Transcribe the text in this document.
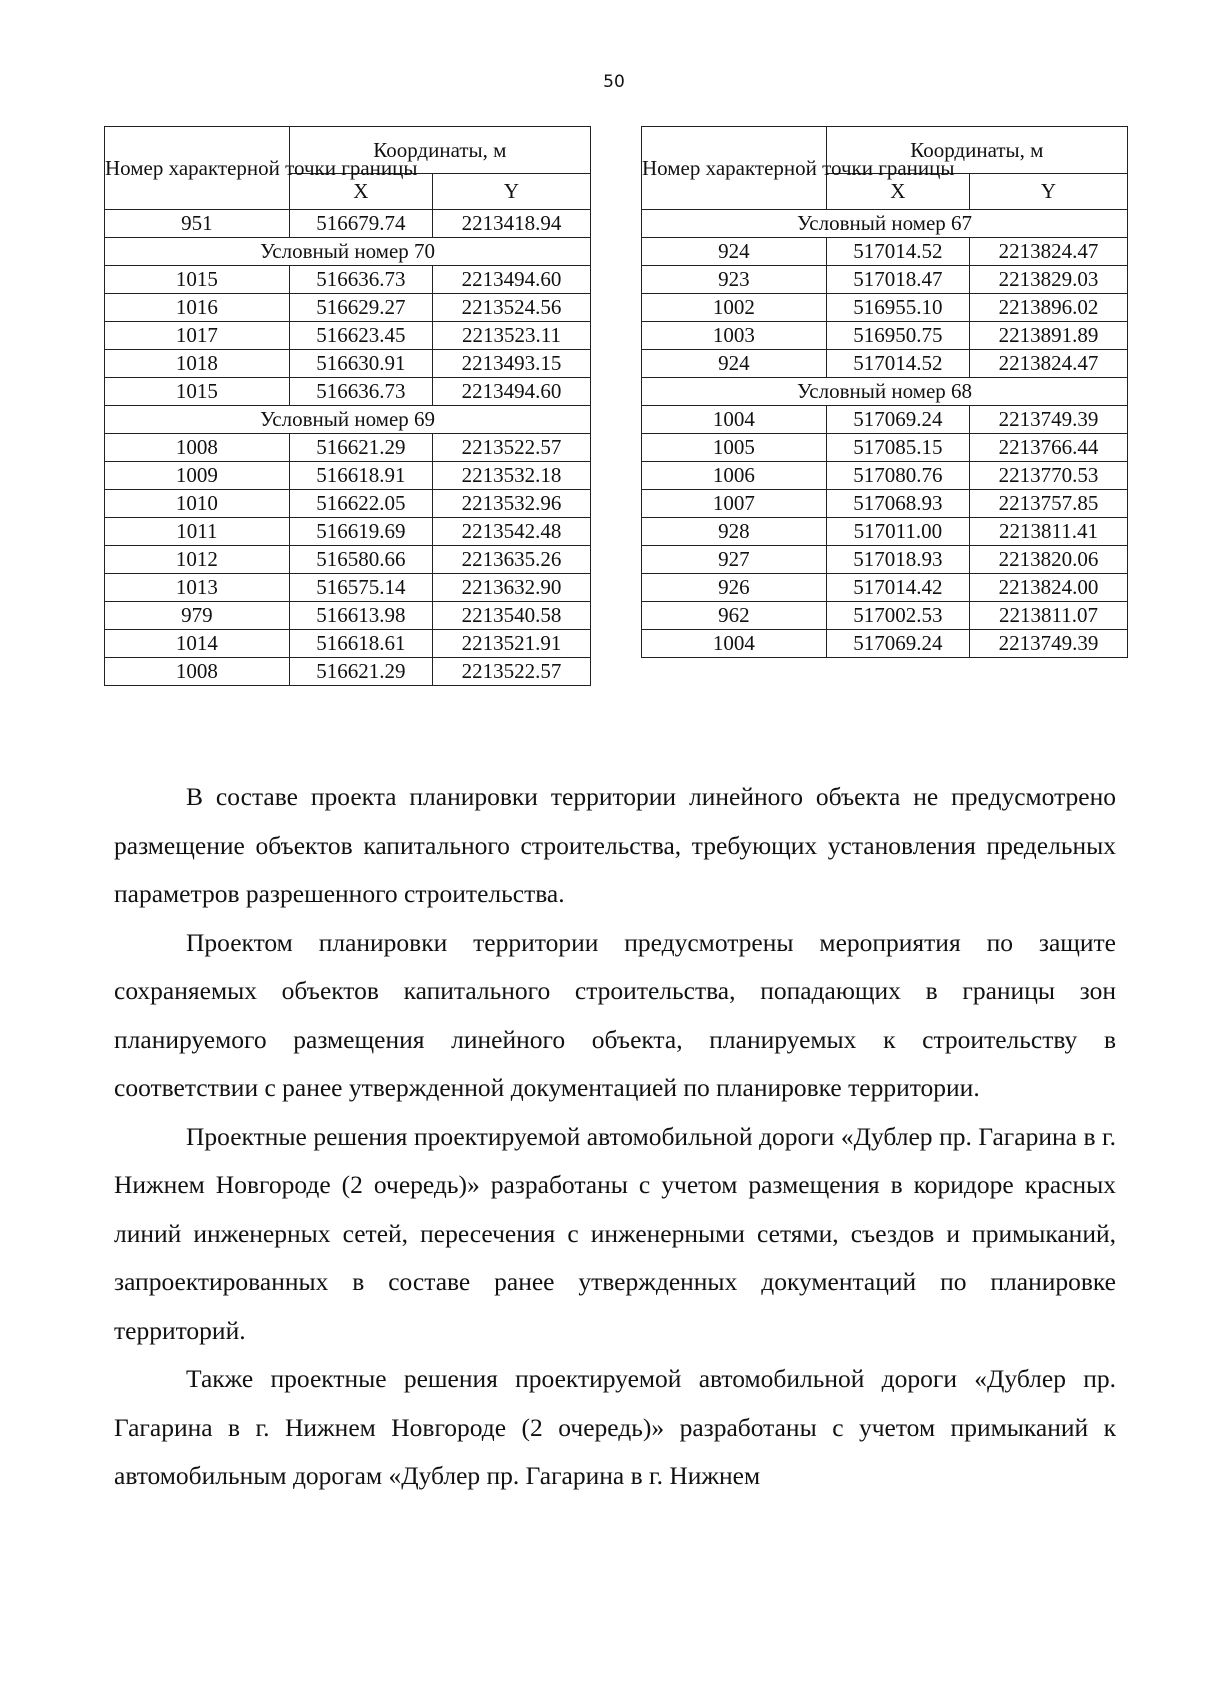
50
Номер характерной точки границы	Координаты, м	
	X	Y
951	516679.74	2213418.94
Условный номер 70		
1015	516636.73	2213494.60
1016	516629.27	2213524.56
1017	516623.45	2213523.11
1018	516630.91	2213493.15
1015	516636.73	2213494.60
Условный номер 69		
1008	516621.29	2213522.57
1009	516618.91	2213532.18
1010	516622.05	2213532.96
1011	516619.69	2213542.48
1012	516580.66	2213635.26
1013	516575.14	2213632.90
979	516613.98	2213540.58
1014	516618.61	2213521.91
1008	516621.29	2213522.57
Номер характерной точки границы	Координаты, м	
	X	Y
Условный номер 67		
924	517014.52	2213824.47
923	517018.47	2213829.03
1002	516955.10	2213896.02
1003	516950.75	2213891.89
924	517014.52	2213824.47
Условный номер 68		
1004	517069.24	2213749.39
1005	517085.15	2213766.44
1006	517080.76	2213770.53
1007	517068.93	2213757.85
928	517011.00	2213811.41
927	517018.93	2213820.06
926	517014.42	2213824.00
962	517002.53	2213811.07
1004	517069.24	2213749.39

В составе проекта планировки территории линейного объекта не предусмотрено размещение объектов капитального строительства, требующих установления предельных параметров разрешенного строительства.

Проектом планировки территории предусмотрены мероприятия по защите сохраняемых объектов капитального строительства, попадающих в границы зон планируемого размещения линейного объекта, планируемых к строительству в соответствии с ранее утвержденной документацией по планировке территории.

Проектные решения проектируемой автомобильной дороги «Дублер пр. Гагарина в г. Нижнем Новгороде (2 очередь)» разработаны с учетом размещения в коридоре красных линий инженерных сетей, пересечения с инженерными сетями, съездов и примыканий, запроектированных в составе ранее утвержденных документаций по планировке территорий.

Также проектные решения проектируемой автомобильной дороги «Дублер пр. Гагарина в г. Нижнем Новгороде (2 очередь)» разработаны с учетом примыканий к автомобильным дорогам «Дублер пр. Гагарина в г. Нижнем
